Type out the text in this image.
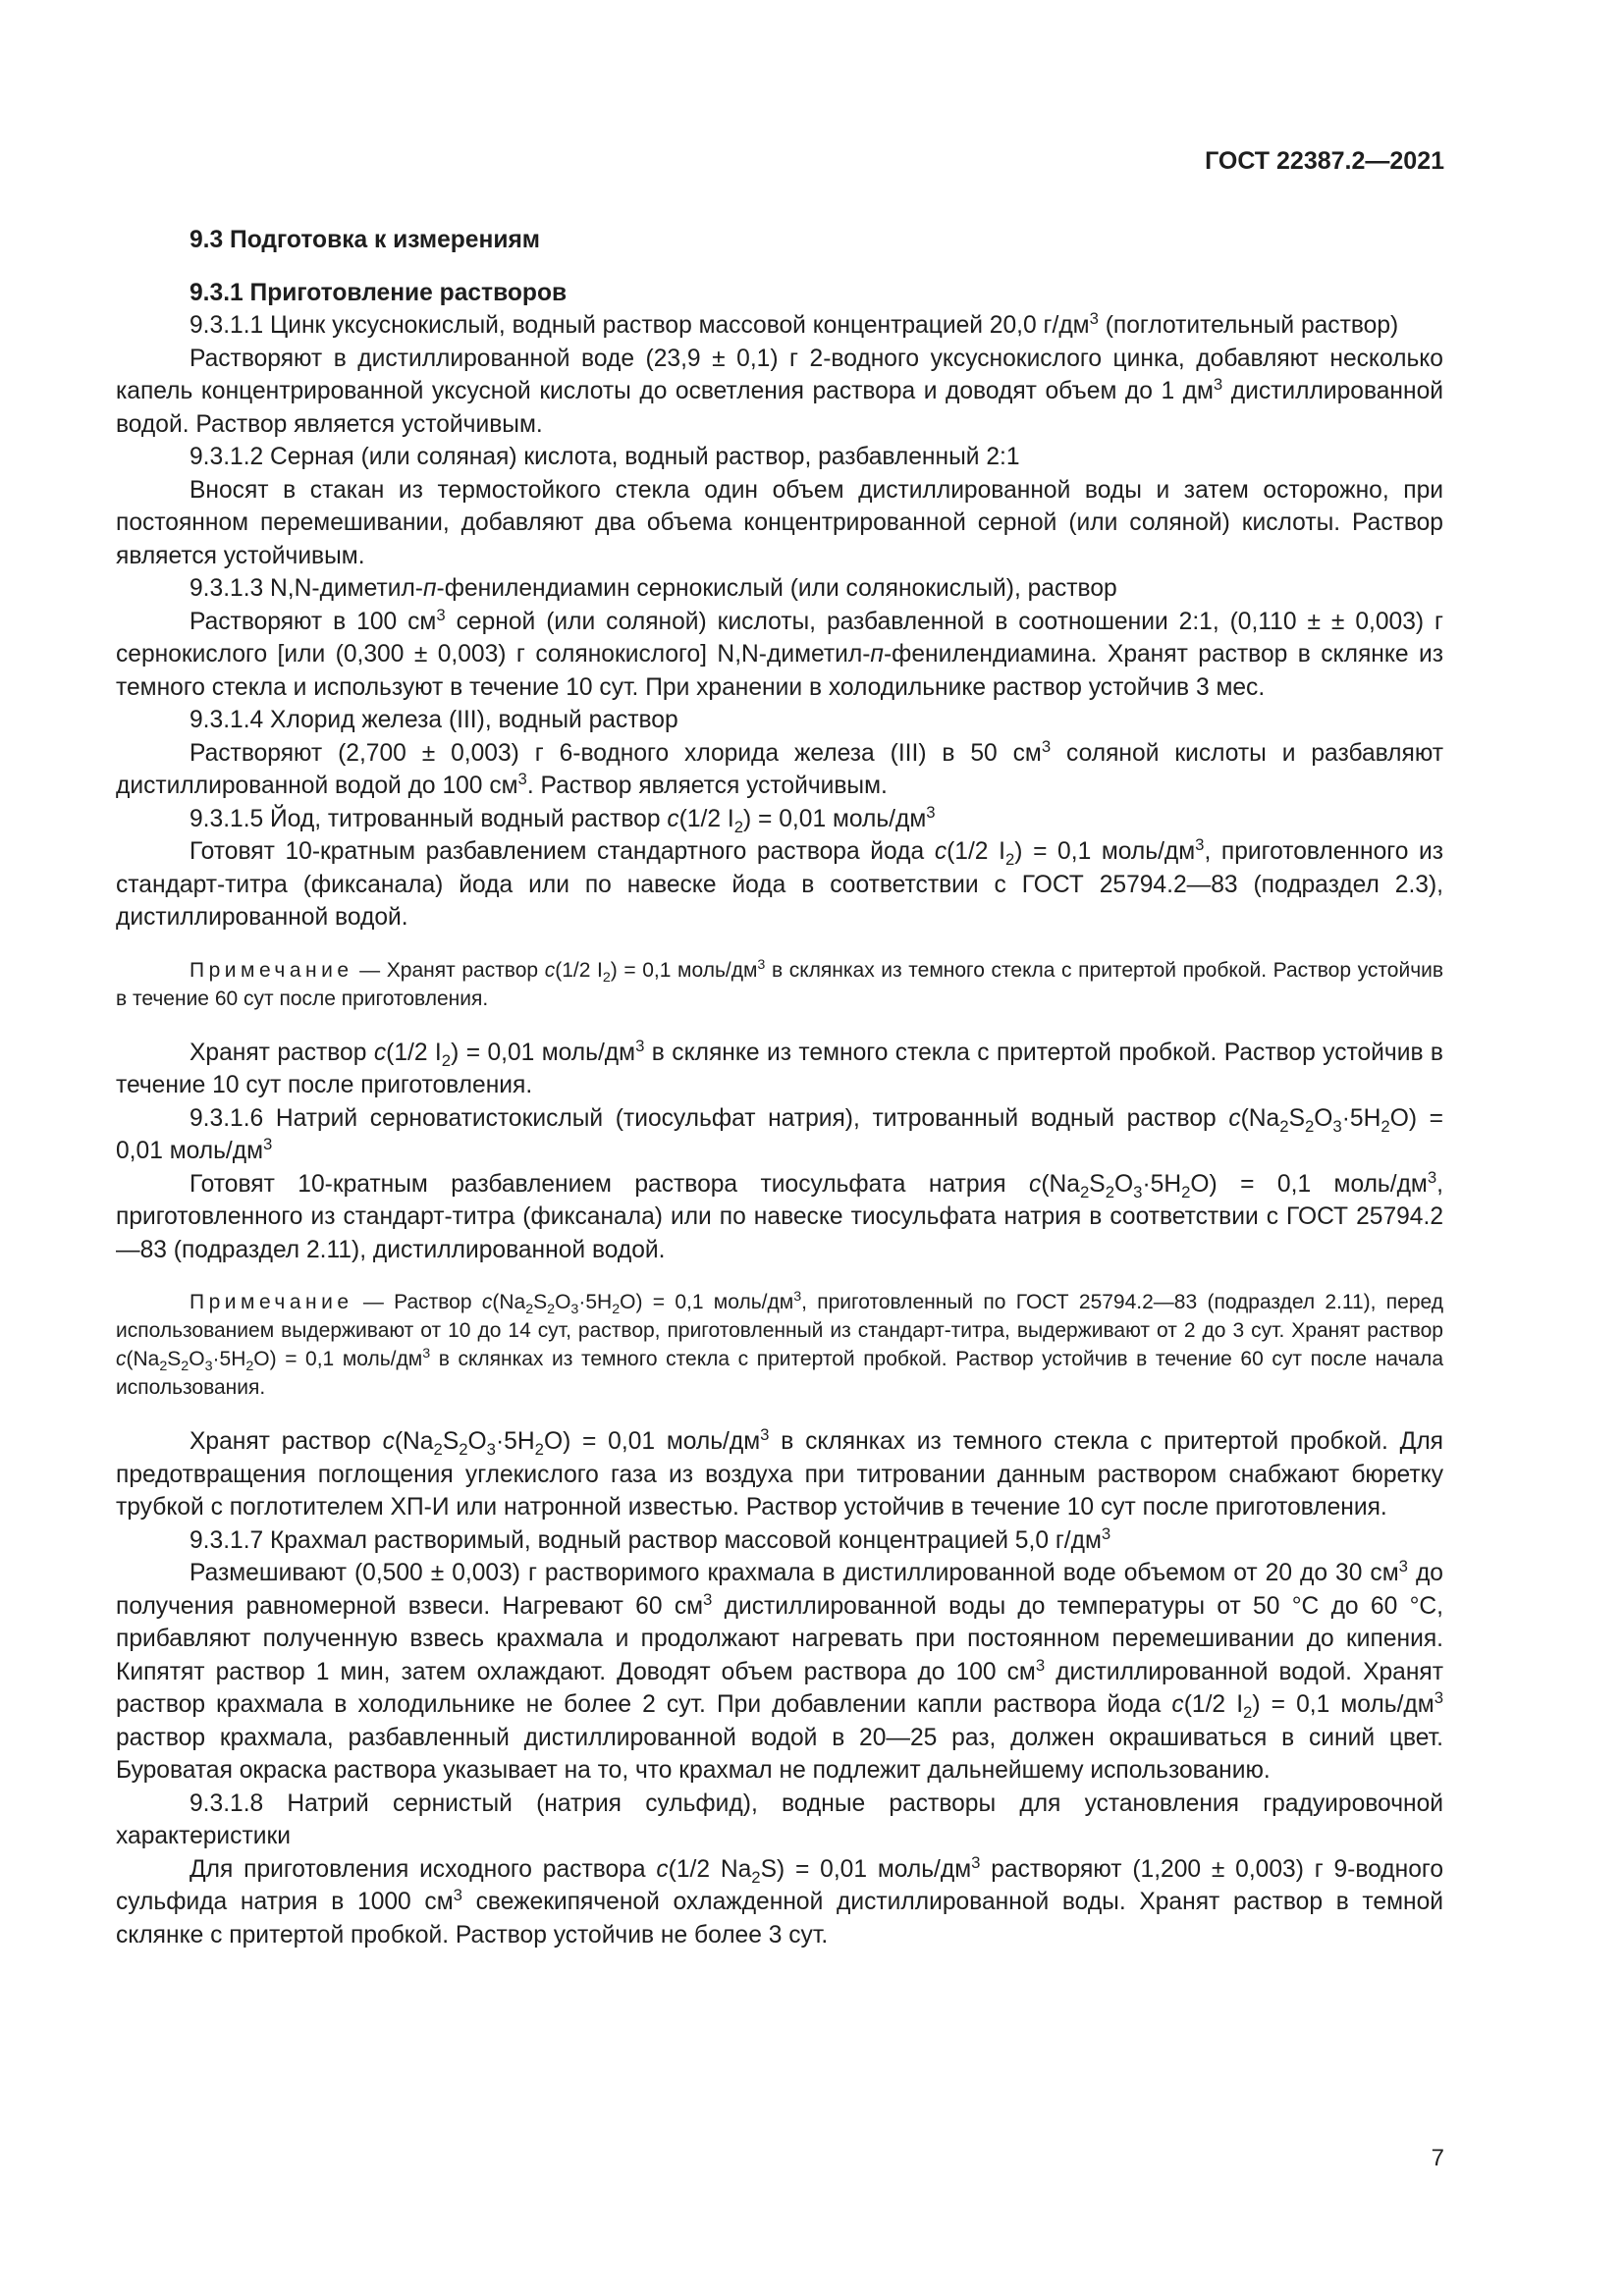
ГОСТ 22387.2—2021

9.3 Подготовка к измерениям

9.3.1 Приготовление растворов

9.3.1.1 Цинк уксуснокислый, водный раствор массовой концентрацией 20,0 $г/дм^3$ (поглотительный раствор)

Растворяют в дистиллированной воде (23,9 ± 0,1) г 2-водного уксуснокислого цинка, добавляют несколько капель концентрированной уксусной кислоты до осветления раствора и доводят объем до 1 $дм^3$ дистиллированной водой. Раствор является устойчивым.

9.3.1.2 Серная (или соляная) кислота, водный раствор, разбавленный 2:1

Вносят в стакан из термостойкого стекла один объем дистиллированной воды и затем осторожно, при постоянном перемешивании, добавляют два объема концентрированной серной (или соляной) кислоты. Раствор является устойчивым.

9.3.1.3 N,N-диметил-п-фенилендиамин сернокислый (или солянокислый), раствор

Растворяют в 100 $см^3$ серной (или соляной) кислоты, разбавленной в соотношении 2:1, (0,110 ± ± 0,003) г сернокислого [или (0,300 ± 0,003) г солянокислого] N,N-диметил-п-фенилендиамина. Хранят раствор в склянке из темного стекла и используют в течение 10 сут. При хранении в холодильнике раствор устойчив 3 мес.

9.3.1.4 Хлорид железа (III), водный раствор

Растворяют (2,700 ± 0,003) г 6-водного хлорида железа (III) в 50 $см^3$ соляной кислоты и разбавляют дистиллированной водой до 100 $см^3$. Раствор является устойчивым.

9.3.1.5 Йод, титрованный водный раствор c(1/2 $I_2) = 0,01$ моль/$дм^3$

Готовят 10-кратным разбавлением стандартного раствора йода c(1/2 $I_2) = 0,1$ моль/$дм^3$, приготовленного из стандарт-титра (фиксанала) йода или по навеске йода в соответствии с ГОСТ 25794.2—83 (подраздел 2.3), дистиллированной водой.

Примечание — Хранят раствор c(1/2 $I_2) = 0,1$ моль/$дм^3$ в склянках из темного стекла с притертой пробкой. Раствор устойчив в течение 60 сут после приготовления.

Хранят раствор c(1/2 $I_2) = 0,01$ моль/$дм^3$ в склянке из темного стекла с притертой пробкой. Раствор устойчив в течение 10 сут после приготовления.

9.3.1.6 Натрий серноватистокислый (тиосульфат натрия), титрованный водный раствор $c(Na_2S_2O_3\cdot 5H_2O) = 0,01$ моль/$дм^3$

Готовят 10-кратным разбавлением раствора тиосульфата натрия $c(Na_2S_2O_3\cdot 5H_2O) = 0,1$ моль/$дм^3$, приготовленного из стандарт-титра (фиксанала) или по навеске тиосульфата натрия в соответствии с ГОСТ 25794.2—83 (подраздел 2.11), дистиллированной водой.

Примечание — Раствор $c(Na_2S_2O_3\cdot 5H_2O) = 0,1$ моль/$дм^3$, приготовленный по ГОСТ 25794.2—83 (подраздел 2.11), перед использованием выдерживают от 10 до 14 сут, раствор, приготовленный из стандарт-титра, выдерживают от 2 до 3 сут. Хранят раствор $c(Na_2S_2O_3\cdot 5H_2O) = 0,1$ моль/$дм^3$ в склянках из темного стекла с притертой пробкой. Раствор устойчив в течение 60 сут после начала использования.

Хранят раствор $c(Na_2S_2O_3\cdot 5H_2O) = 0,01$ моль/$дм^3$ в склянках из темного стекла с притертой пробкой. Для предотвращения поглощения углекислого газа из воздуха при титровании данным раствором снабжают бюретку трубкой с поглотителем ХП-И или натронной известью. Раствор устойчив в течение 10 сут после приготовления.

9.3.1.7 Крахмал растворимый, водный раствор массовой концентрацией 5,0 $г/дм^3$

Размешивают (0,500 ± 0,003) г растворимого крахмала в дистиллированной воде объемом от 20 до 30 $см^3$ до получения равномерной взвеси. Нагревают 60 $см^3$ дистиллированной воды до температуры от 50 °С до 60 °С, прибавляют полученную взвесь крахмала и продолжают нагревать при постоянном перемешивании до кипения. Кипятят раствор 1 мин, затем охлаждают. Доводят объем раствора до 100 $см^3$ дистиллированной водой. Хранят раствор крахмала в холодильнике не более 2 сут. При добавлении капли раствора йода c(1/2 $I_2) = 0,1$ моль/$дм^3$ раствор крахмала, разбавленный дистиллированной водой в 20—25 раз, должен окрашиваться в синий цвет. Буроватая окраска раствора указывает на то, что крахмал не подлежит дальнейшему использованию.

9.3.1.8 Натрий сернистый (натрия сульфид), водные растворы для установления градуировочной характеристики

Для приготовления исходного раствора c(1/2 $Na_2S) = 0,01$ моль/$дм^3$ растворяют (1,200 ± 0,003) г 9-водного сульфида натрия в 1000 $см^3$ свежекипяченой охлажденной дистиллированной воды. Хранят раствор в темной склянке с притертой пробкой. Раствор устойчив не более 3 сут.

7
